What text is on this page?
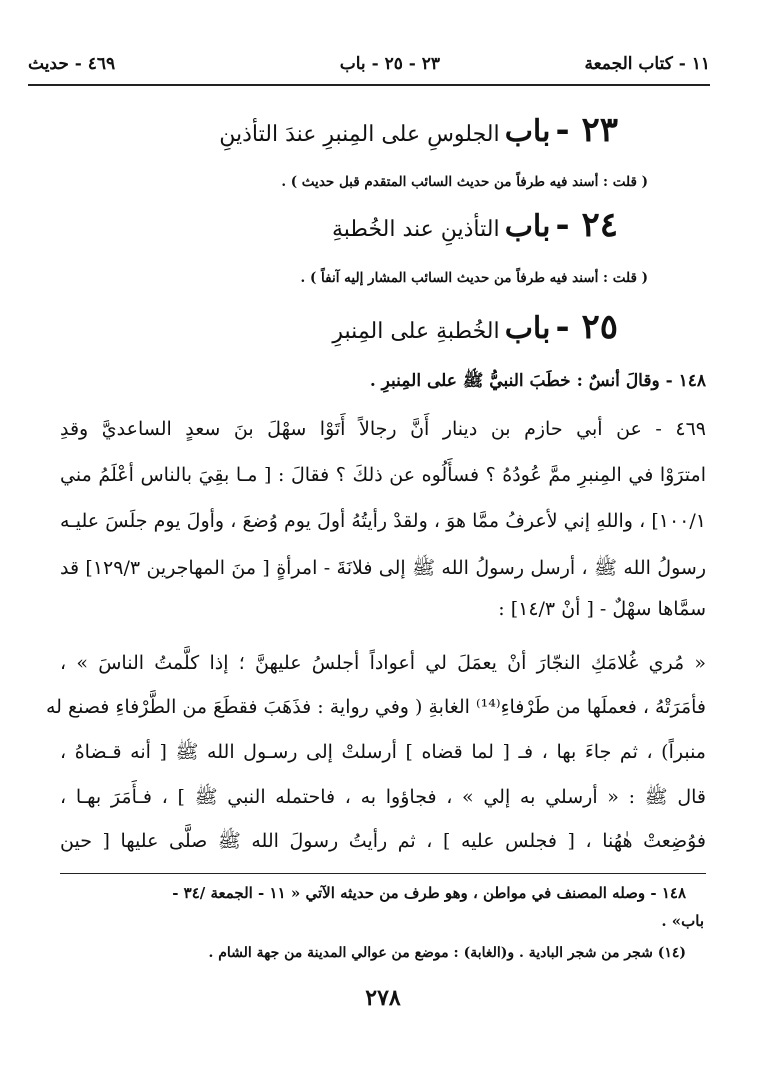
١١ - كتاب الجمعة
٢٣ - ٢٥ - باب
٤٦٩ - حديث
٢٣ - باب الجلوسِ على المِنبرِ عندَ التأذينِ
( قلت : أسند فيه طرفاً من حديث السائب المتقدم قبل حديث ) .
٢٤ - باب التأذينِ عند الخُطبةِ
( قلت : أسند فيه طرفاً من حديث السائب المشار إليه آنفاً ) .
٢٥ - باب الخُطبةِ على المِنبرِ
١٤٨ - وقالَ أنسٌ : خطَبَ النبيُّ ﷺ على المِنبرِ .
٤٦٩ - عن أبي حازم بن دينار أَنَّ رجالاً أَتَوْا سهْلَ بنَ سعدٍ الساعديَّ وقدِ
امترَوْا في المِنبرِ ممَّ عُودُهُ ؟ فسأَلُوه عن ذلكَ ؟ فقالَ : [ مـا بقِيَ بالناس أعْلَمُ مني
١٠٠/١] ، واللهِ إني لأعرفُ ممَّا هوَ ، ولقدْ رأيتُهُ أولَ يوم وُضعَ ، وأولَ يوم جلَسَ عليـه
رسولُ الله ﷺ ، أرسل رسولُ الله ﷺ إلى فلانَةَ - امرأةٍ [ منَ المهاجرين ١٢٩/٣] قد
سمَّاها سهْلٌ - [ أنْ ١٤/٣] :
« مُري غُلامَكِ النجّارَ أنْ يعمَلَ لي أعواداً أجلسُ عليهنَّ ؛ إذا كلَّمتُ الناسَ » ،
فأمَرَتْهُ ، فعملَها من طَرْفاءِ⁽¹⁴⁾ الغابةِ ( وفي رواية : فذَهَبَ فقطَعَ من الطَّرْفاءِ فصنع له
منبراً) ، ثم جاءَ بها ، فـ [ لما قضاه ] أرسلتْ إلى رسـول الله ﷺ [ أنه قـضاهُ ،
قال ﷺ : « أرسلي به إلي » ، فجاؤوا به ، فاحتمله النبي ﷺ ] ، فـأَمَرَ بهـا ،
فوُضِعتْ هٰهُنا ، [ فجلس عليه ] ، ثم رأيتُ رسولَ الله ﷺ صلَّى عليها [ حين
١٤٨ - وصله المصنف في مواطن ، وهو طرف من حديثه الآتي « ١١ - الجمعة /٣٤ -
باب» .
(١٤) شجر من شجر البادية . و(الغابة) : موضع من عوالي المدينة من جهة الشام .
٢٧٨
